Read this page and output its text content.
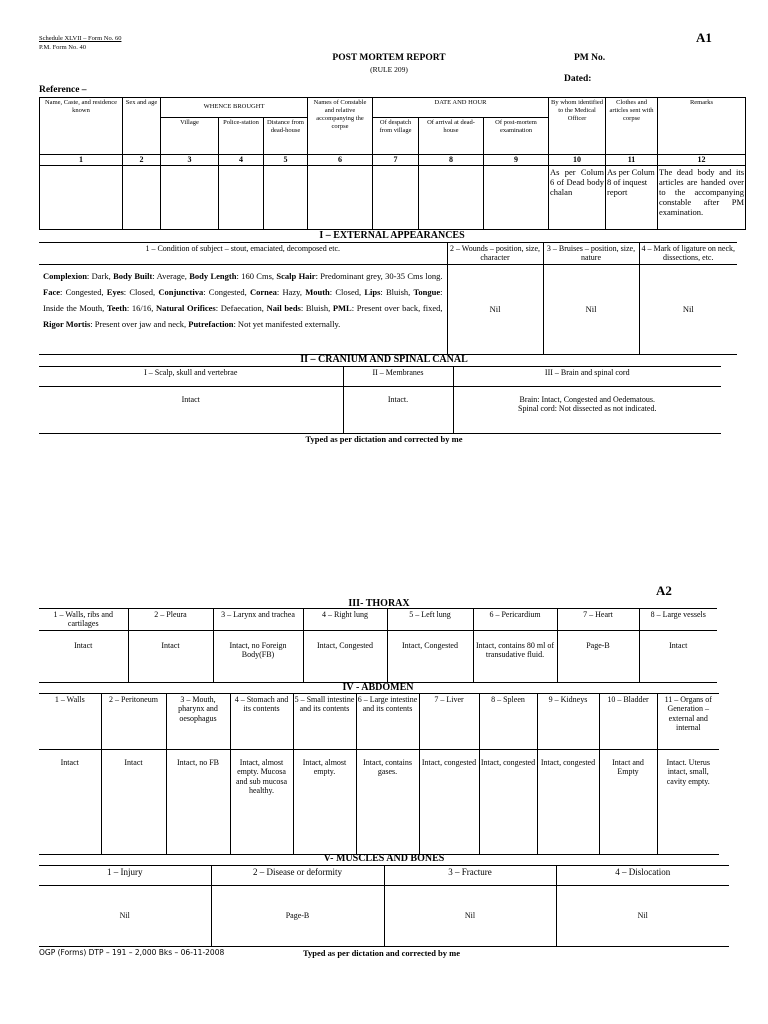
Schedule XLVII – Form No. 60
P.M. Form No. 40
A1
POST MORTEM REPORT
(RULE 209)
PM No.
Dated:
Reference –
Name, Caste, and residence known	Sex and age	WHENCE BROUGHT			Names of Constable and relative accompanying the corpse	DATE AND HOUR			By whom identified to the Medical Officer	Clothes and articles sent with corpse	Remarks
		Village	Police-station	Distance from dead-house		Of despatch from village	Of arrival at dead-house	Of post-mortem examination			
1	2	3	4	5	6	7	8	9	10	11	12
									As per Colum 6 of Dead body chalan	As per Colum 8 of inquest report	The dead body and its articles are handed over to the accompanying constable after PM examination.
I – EXTERNAL APPEARANCES
1 – Condition of subject – stout, emaciated, decomposed etc.	2 – Wounds – position, size, character	3 – Bruises – position, size, nature	4 – Mark of ligature on neck, dissections, etc.
Complexion: Dark, Body Built: Average, Body Length: 160 Cms, Scalp Hair: Predominant grey, 30-35 Cms long. Face: Congested, Eyes: Closed, Conjunctiva: Congested, Cornea: Hazy, Mouth: Closed, Lips: Bluish, Tongue: Inside the Mouth, Teeth: 16/16, Natural Orifices: Defaecation, Nail beds: Bluish, PML: Present over back, fixed, Rigor Mortis: Present over jaw and neck, Putrefaction: Not yet manifested externally.	Nil	Nil	Nil
II – CRANIUM AND SPINAL CANAL
I – Scalp, skull and vertebrae	II – Membranes	III – Brain and spinal cord
Intact	Intact.	Brain: Intact, Congested and Oedematous.
Spinal cord: Not dissected as not indicated.
Typed as per dictation and corrected by me
A2
III- THORAX
1 – Walls, ribs and cartilages	2 – Pleura	3 – Larynx and trachea	4 – Right lung	5 – Left lung	6 – Pericardium	7 – Heart	8 – Large vessels
Intact	Intact	Intact, no Foreign Body(FB)	Intact, Congested	Intact, Congested	Intact, contains 80 ml of transudative fluid.	Page-B	Intact
IV - ABDOMEN
1 – Walls	2 – Peritoneum	3 – Mouth, pharynx and oesophagus	4 – Stomach and its contents	5 – Small intestine and its contents	6 – Large intestine and its contents	7 – Liver	8 – Spleen	9 – Kidneys	10 – Bladder	11 – Organs of Generation – external and internal
Intact	Intact	Intact, no FB	Intact, almost empty. Mucosa and sub mucosa healthy.	Intact, almost empty.	Intact, contains gases.	Intact, congested	Intact, congested	Intact, congested	Intact and Empty	Intact. Uterus intact, small, cavity empty.
V- MUSCLES AND BONES
1 – Injury	2 – Disease or deformity	3 – Fracture	4 – Dislocation
Nil	Page-B	Nil	Nil
OGP (Forms) DTP – 191 – 2,000 Bks – 06-11-2008	Typed as per dictation and corrected by me
